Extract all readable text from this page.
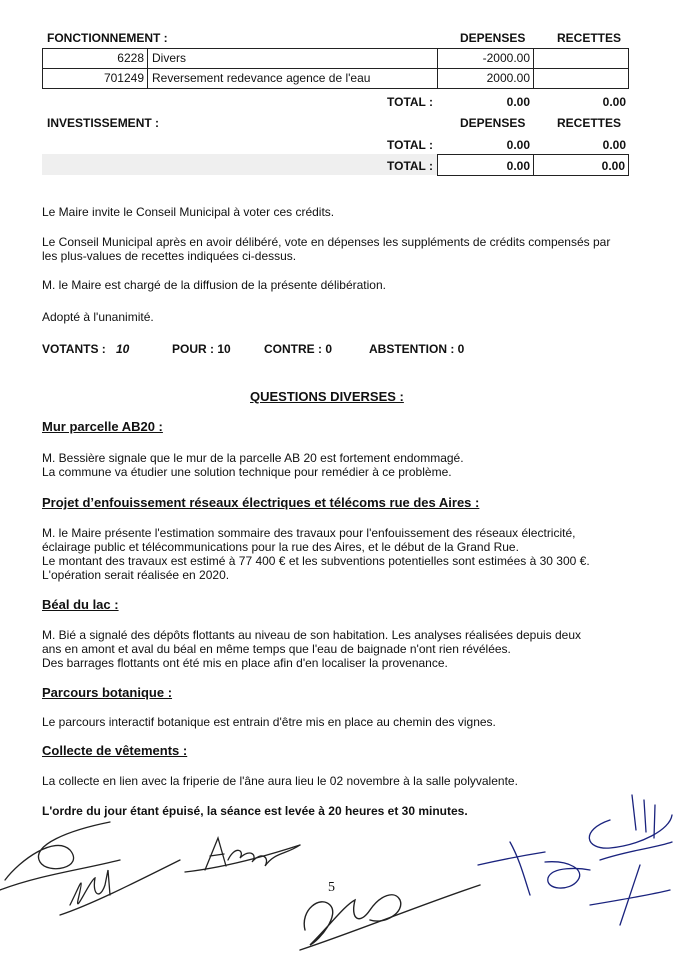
FONCTIONNEMENT :	DEPENSES	RECETTES
6228 Divers	-2000.00
701249 Reversement redevance agence de l'eau	2000.00
TOTAL :	0.00	0.00
INVESTISSEMENT :	DEPENSES	RECETTES
TOTAL :	0.00	0.00
TOTAL :	0.00	0.00
Le Maire invite le Conseil Municipal à voter ces crédits.
Le Conseil Municipal après en avoir délibéré, vote en dépenses les suppléments de crédits compensés par les plus-values de recettes indiquées ci-dessus.
M. le Maire est chargé de la diffusion de la présente délibération.
Adopté à l'unanimité.
VOTANTS : 10	POUR : 10	CONTRE : 0	ABSTENTION : 0
QUESTIONS DIVERSES :
Mur parcelle AB20 :
M. Bessière signale que le mur de la parcelle AB 20 est fortement endommagé.
La commune va étudier une solution technique pour remédier à ce problème.
Projet d’enfouissement réseaux électriques et télécoms rue des Aires :
M. le Maire présente l'estimation sommaire des travaux pour l'enfouissement des réseaux électricité,
éclairage public et télécommunications pour la rue des Aires, et le début de la Grand Rue.
Le montant des travaux est estimé à 77 400 € et les subventions potentielles sont estimées à 30 300 €.
L'opération serait réalisée en 2020.
Béal du lac :
M. Bié a signalé des dépôts flottants au niveau de son habitation. Les analyses réalisées depuis deux
ans en amont et aval du béal en même temps que l'eau de baignade n'ont rien révélées.
Des barrages flottants ont été mis en place afin d'en localiser la provenance.
Parcours botanique :
Le parcours interactif botanique est entrain d'être mis en place au chemin des vignes.
Collecte de vêtements :
La collecte en lien avec la friperie de l'âne aura lieu le 02 novembre à la salle polyvalente.
L'ordre du jour étant épuisé, la séance est levée à 20 heures et 30 minutes.
5
